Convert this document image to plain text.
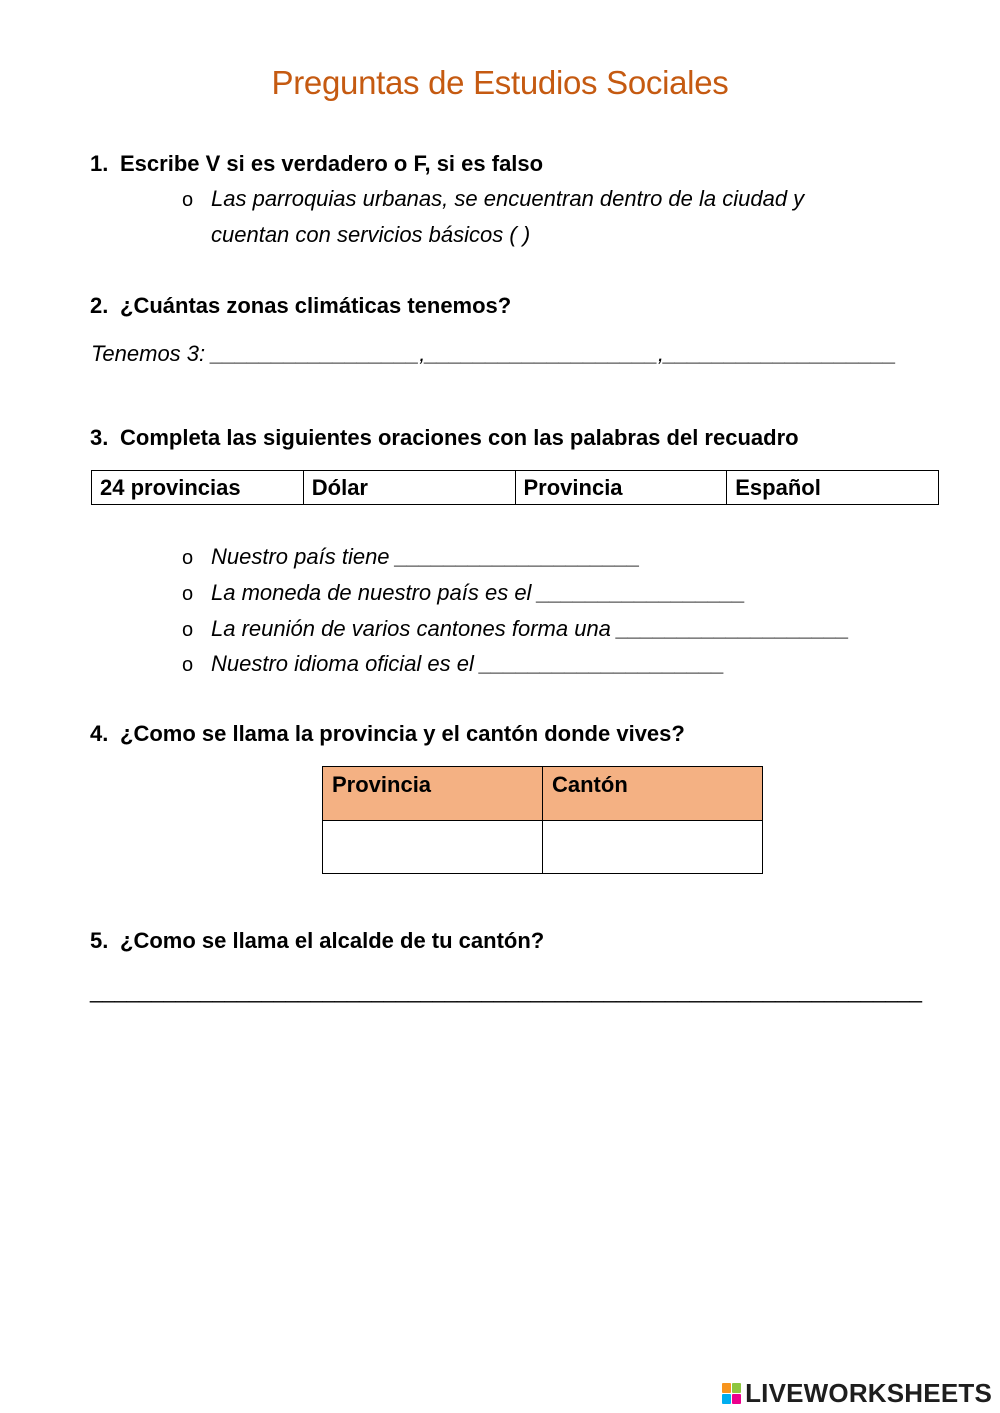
Preguntas de Estudios Sociales
1. Escribe V si es verdadero o F, si es falso
o Las parroquias urbanas, se encuentran dentro de la ciudad y
cuentan con servicios básicos ( )
2. ¿Cuántas zonas climáticas tenemos?
Tenemos 3: _________________,___________________,___________________
3. Completa las siguientes oraciones con las palabras del recuadro
24 provincias	Dólar	Provincia	Español
o Nuestro país tiene ____________________
o La moneda de nuestro país es el _________________
o La reunión de varios cantones forma una ___________________
o Nuestro idioma oficial es el ____________________
4. ¿Como se llama la provincia y el cantón donde vives?
Provincia	Cantón

5. ¿Como se llama el alcalde de tu cantón?
____________________________________________________________________
LIVEWORKSHEETS
